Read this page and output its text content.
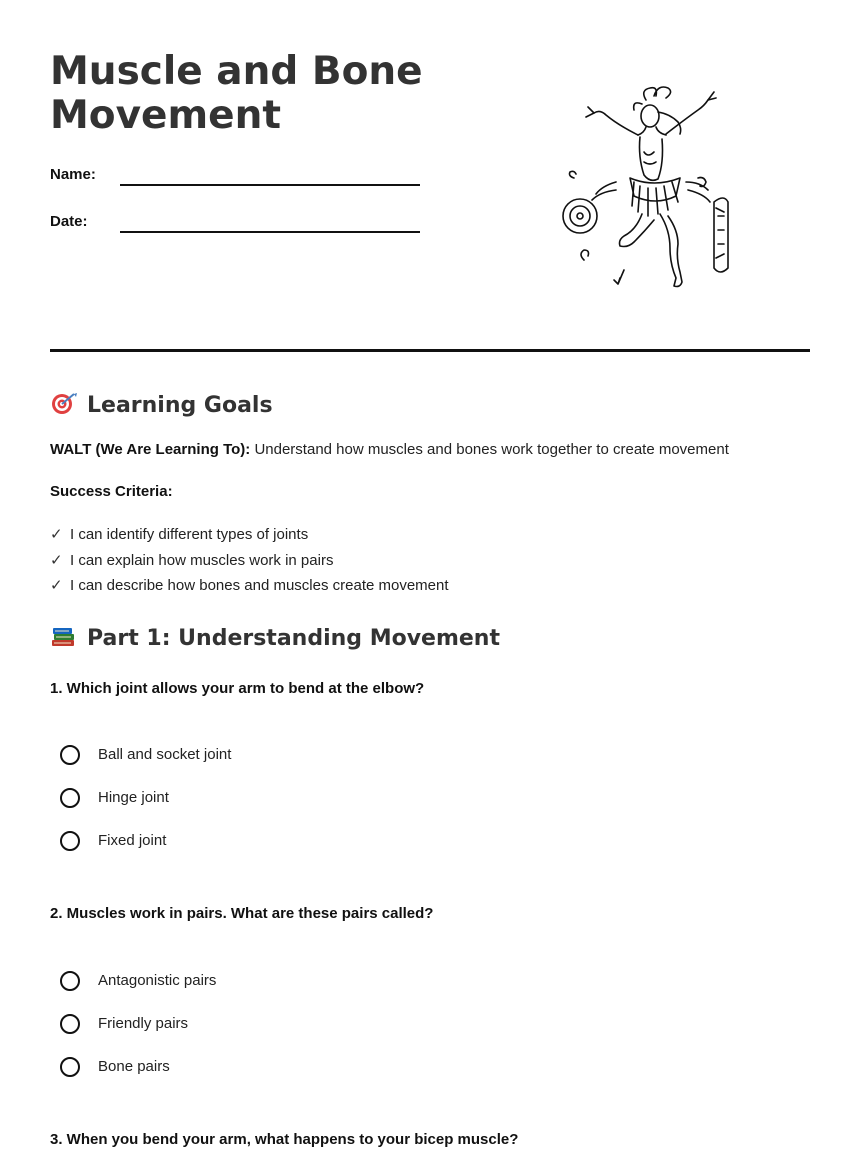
Muscle and Bone Movement
Name:
Date:
Learning Goals
WALT (We Are Learning To): Understand how muscles and bones work together to create movement
Success Criteria:
✓ I can identify different types of joints
✓ I can explain how muscles work in pairs
✓ I can describe how bones and muscles create movement
Part 1: Understanding Movement
1. Which joint allows your arm to bend at the elbow?
Ball and socket joint
Hinge joint
Fixed joint
2. Muscles work in pairs. What are these pairs called?
Antagonistic pairs
Friendly pairs
Bone pairs
3. When you bend your arm, what happens to your bicep muscle?
